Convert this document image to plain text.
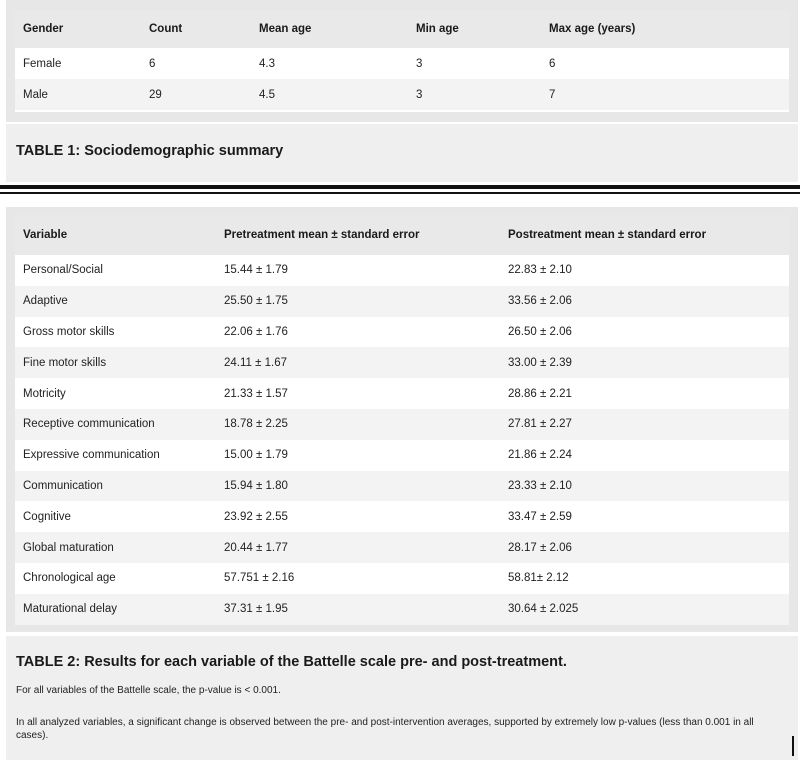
Gender	Count	Mean age	Min age	Max age (years)
Female	6	4.3	3	6
Male	29	4.5	3	7
TABLE 1: Sociodemographic summary
Variable	Pretreatment mean ± standard error	Postreatment mean ± standard error
Personal/Social	15.44 ± 1.79	22.83 ± 2.10
Adaptive	25.50 ± 1.75	33.56 ± 2.06
Gross motor skills	22.06 ± 1.76	26.50 ± 2.06
Fine motor skills	24.11 ± 1.67	33.00 ± 2.39
Motricity	21.33 ± 1.57	28.86 ± 2.21
Receptive communication	18.78 ± 2.25	27.81 ± 2.27
Expressive communication	15.00 ± 1.79	21.86 ± 2.24
Communication	15.94 ± 1.80	23.33 ± 2.10
Cognitive	23.92 ± 2.55	33.47 ± 2.59
Global maturation	20.44 ± 1.77	28.17 ± 2.06
Chronological age	57.751 ± 2.16	58.81± 2.12
Maturational delay	37.31 ± 1.95	30.64 ± 2.025
TABLE 2: Results for each variable of the Battelle scale pre- and post-treatment.
For all variables of the Battelle scale, the p-value is < 0.001.
In all analyzed variables, a significant change is observed between the pre- and post-intervention averages, supported by extremely low p-values (less than 0.001 in all cases).
